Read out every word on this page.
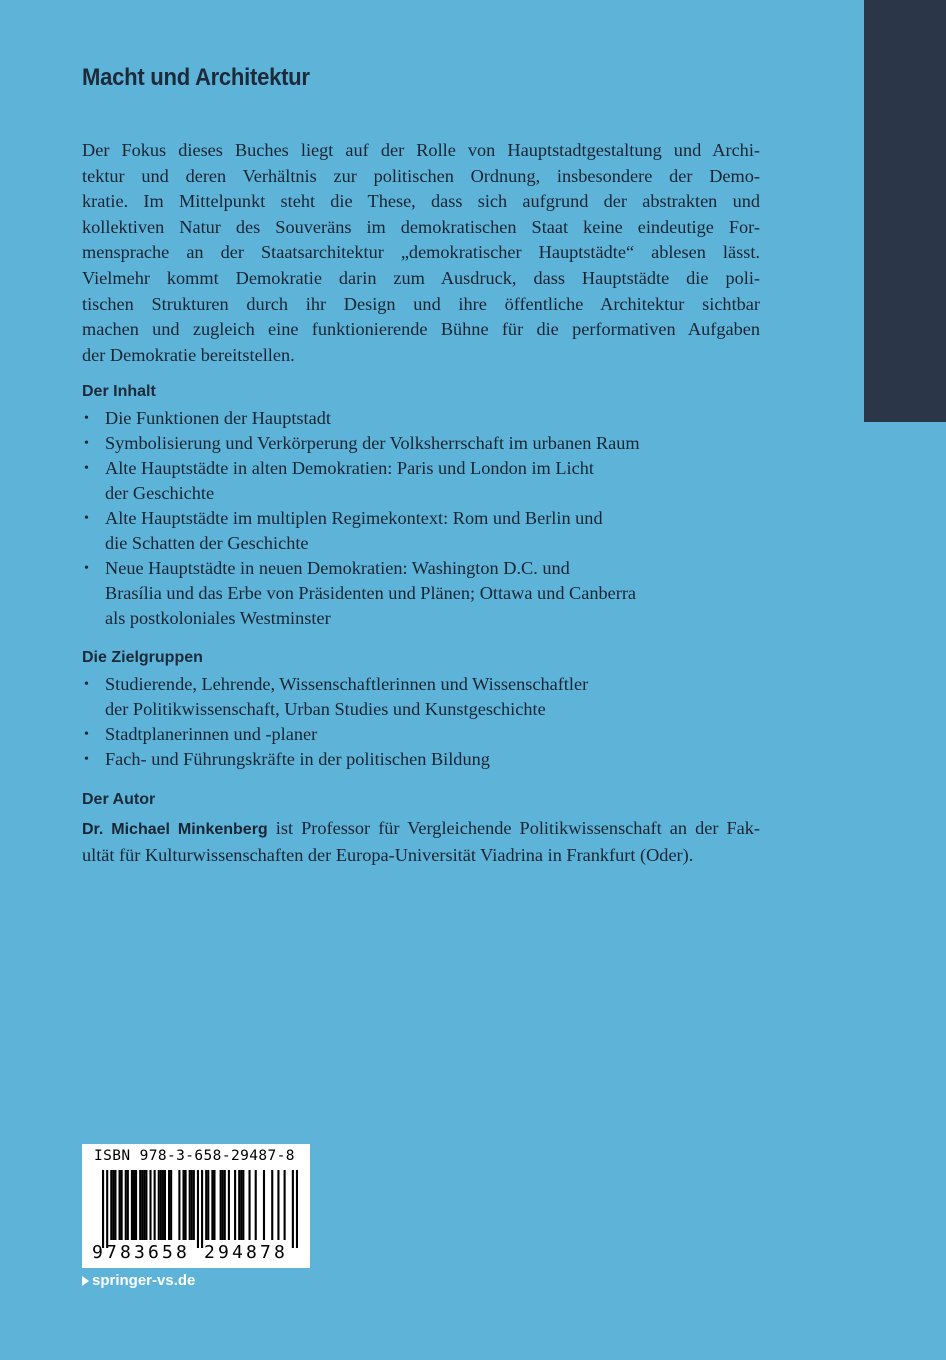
Macht und Architektur

Der Fokus dieses Buches liegt auf der Rolle von Hauptstadtgestaltung und Archi-
tektur und deren Verhältnis zur politischen Ordnung, insbesondere der Demo-
kratie. Im Mittelpunkt steht die These, dass sich aufgrund der abstrakten und
kollektiven Natur des Souveräns im demokratischen Staat keine eindeutige For-
mensprache an der Staatsarchitektur „demokratischer Hauptstädte“ ablesen lässt.
Vielmehr kommt Demokratie darin zum Ausdruck, dass Hauptstädte die poli-
tischen Strukturen durch ihr Design und ihre öffentliche Architektur sichtbar
machen und zugleich eine funktionierende Bühne für die performativen Aufgaben
der Demokratie bereitstellen.

Der Inhalt
• Die Funktionen der Hauptstadt
• Symbolisierung und Verkörperung der Volksherrschaft im urbanen Raum
• Alte Hauptstädte in alten Demokratien: Paris und London im Licht
der Geschichte
• Alte Hauptstädte im multiplen Regimekontext: Rom und Berlin und
die Schatten der Geschichte
• Neue Hauptstädte in neuen Demokratien: Washington D.C. und
Brasília und das Erbe von Präsidenten und Plänen; Ottawa und Canberra
als postkoloniales Westminster
Die Zielgruppen
• Studierende, Lehrende, Wissenschaftlerinnen und Wissenschaftler
der Politikwissenschaft, Urban Studies und Kunstgeschichte
• Stadtplanerinnen und -planer
• Fach- und Führungskräfte in der politischen Bildung
Der Autor

Dr. Michael Minkenberg ist Professor für Vergleichende Politikwissenschaft an der Fak-
ultät für Kulturwissenschaften der Europa-Universität Viadrina in Frankfurt (Oder).

ISBN 978-3-658-29487-8
9 7 8 3 6 5 8 2 9 4 8 7 8
springer-vs.de
